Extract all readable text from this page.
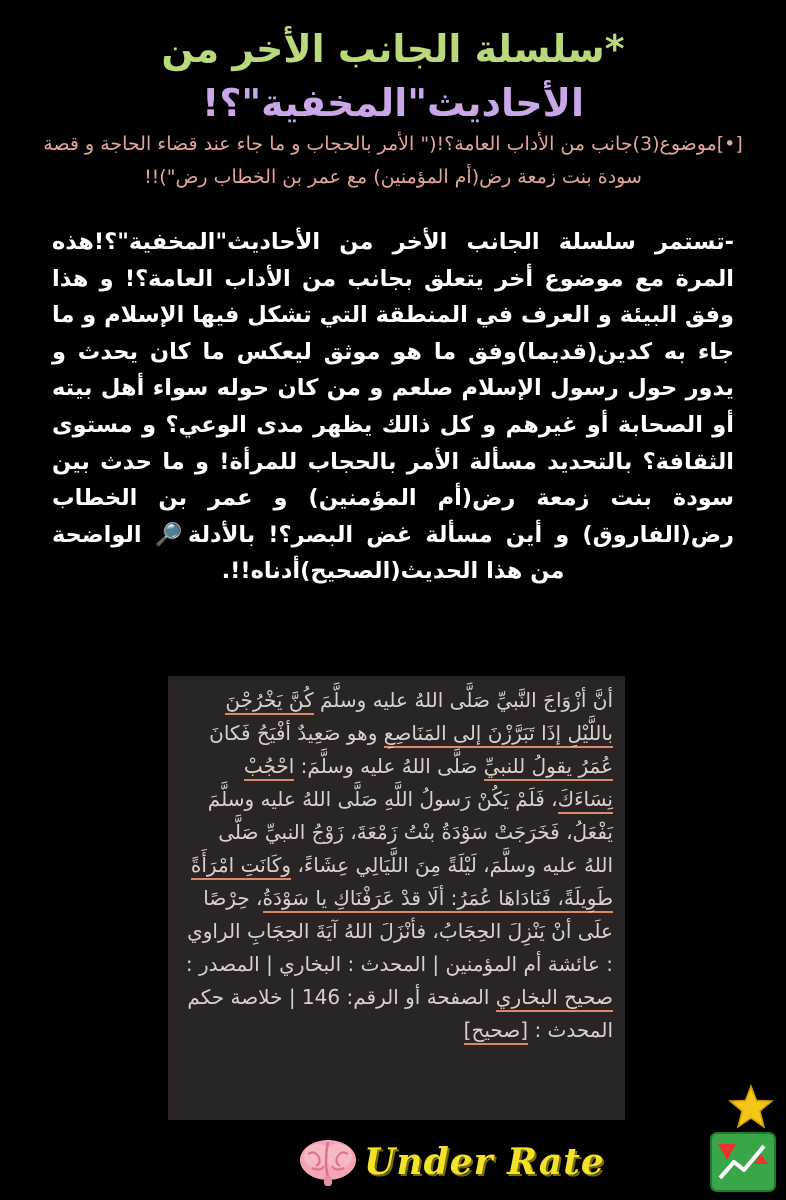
*سلسلة الجانب الأخر من
الأحاديث"المخفية"؟!
[•]موضوع(3)جانب من الأداب العامة؟!(" الأمر بالحجاب و ما جاء عند قضاء الحاجة و قصة سودة بنت زمعة رض(أم المؤمنين) مع عمر بن الخطاب رض")!!
-تستمر سلسلة الجانب الأخر من الأحاديث"المخفية"؟!هذه المرة مع موضوع أخر يتعلق بجانب من الأداب العامة؟! و هذا وفق البيئة و العرف في المنطقة التي تشكل فيها الإسلام و ما جاء به كدين(قديما)وفق ما هو موثق ليعكس ما كان يحدث و يدور حول رسول الإسلام صلعم و من كان حوله سواء أهل بيته أو الصحابة أو غيرهم و كل ذالك يظهر مدى الوعي؟ و مستوى الثقافة؟ بالتحديد مسألة الأمر بالحجاب للمرأة! و ما حدث بين سودة بنت زمعة رض(أم المؤمنين) و عمر بن الخطاب رض(الفاروق) و أين مسألة غض البصر؟! بالأدلة🔎 الواضحة من هذا الحديث(الصحيح)أدناه!!.
أنَّ أزْوَاجَ النَّبيِّ صَلَّى اللهُ عليه وسلَّمَ كُنَّ يَخْرُجْنَ باللَّيْلِ إذَا تَبَرَّزْنَ إلى المَنَاصِعِ وهو صَعِيدٌ أفْيَحُ فَكانَ عُمَرُ يقولُ للنبيِّ صَلَّى اللهُ عليه وسلَّمَ: احْجُبْ نِسَاءَكَ، فَلَمْ يَكُنْ رَسولُ اللَّهِ صَلَّى اللهُ عليه وسلَّمَ يَفْعَلُ، فَخَرَجَتْ سَوْدَةُ بنْتُ زَمْعَةَ، زَوْجُ النبيِّ صَلَّى اللهُ عليه وسلَّمَ، لَيْلَةً مِنَ اللَّيَالِي عِشَاءً، وكَانَتِ امْرَأَةً طَوِيلَةً، فَنَادَاهَا عُمَرُ: ألَا قدْ عَرَفْنَاكِ يا سَوْدَةُ، حِرْصًا علَى أنْ يَنْزِلَ الحِجَابُ، فأنْزَلَ اللهُ آيَةَ الحِجَابِ الراوي : عائشة أم المؤمنين | المحدث : البخاري | المصدر : صحيح البخاري الصفحة أو الرقم: 146 | خلاصة حكم المحدث : [صحيح]
Under Rate
